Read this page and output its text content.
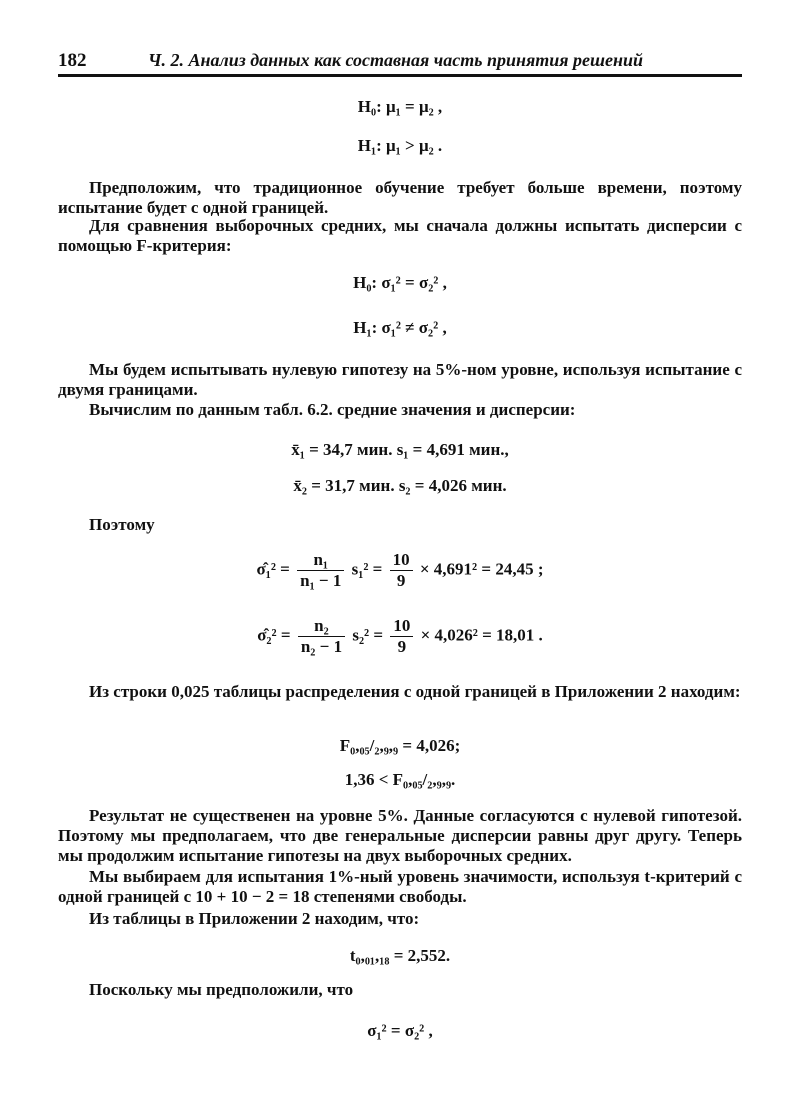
182	Ч. 2. Анализ данных как составная часть принятия решений
H₀: μ₁ = μ₂ ,
H₁: μ₁ > μ₂ .
Предположим, что традиционное обучение требует больше времени, поэтому испытание будет с одной границей.
Для сравнения выборочных средних, мы сначала должны испытать дисперсии с помощью F-критерия:
H₀: σ₁² = σ₂² ,
H₁: σ₁² ≠ σ₂² ,
Мы будем испытывать нулевую гипотезу на 5%-ном уровне, используя испытание с двумя границами.
Вычислим по данным табл. 6.2. средние значения и дисперсии:
x̄₁ = 34,7 мин. s₁ = 4,691 мин.,
x̄₂ = 31,7 мин. s₂ = 4,026 мин.
Поэтому
σ̂₁² = $\frac{\text{n₁}}{\text{n₁ − 1}} s_1^2 = \frac{10}{9} \times 4,691^2 = 24,45$ ;
σ̂₂² = $\frac{\text{n₂}}{\text{n₂ − 1}} s_2^2 = \frac{10}{9} \times 4,026^2 = 18,01$ .
Из строки 0,025 таблицы распределения с одной границей в Приложении 2 находим:
F₀,₀₅/₂,₉,₉ = 4,026;
1,36 < F₀,₀₅/₂,₉,₉.
Результат не существенен на уровне 5%. Данные согласуются с нулевой гипотезой. Поэтому мы предполагаем, что две генеральные дисперсии равны друг другу. Теперь мы продолжим испытание гипотезы на двух выборочных средних.
Мы выбираем для испытания 1%-ный уровень значимости, используя t-критерий с одной границей с 10 + 10 − 2 = 18 степенями свободы.
Из таблицы в Приложении 2 находим, что:
t₀,₀₁,₁₈ = 2,552.
Поскольку мы предположили, что
σ₁² = σ₂² ,
